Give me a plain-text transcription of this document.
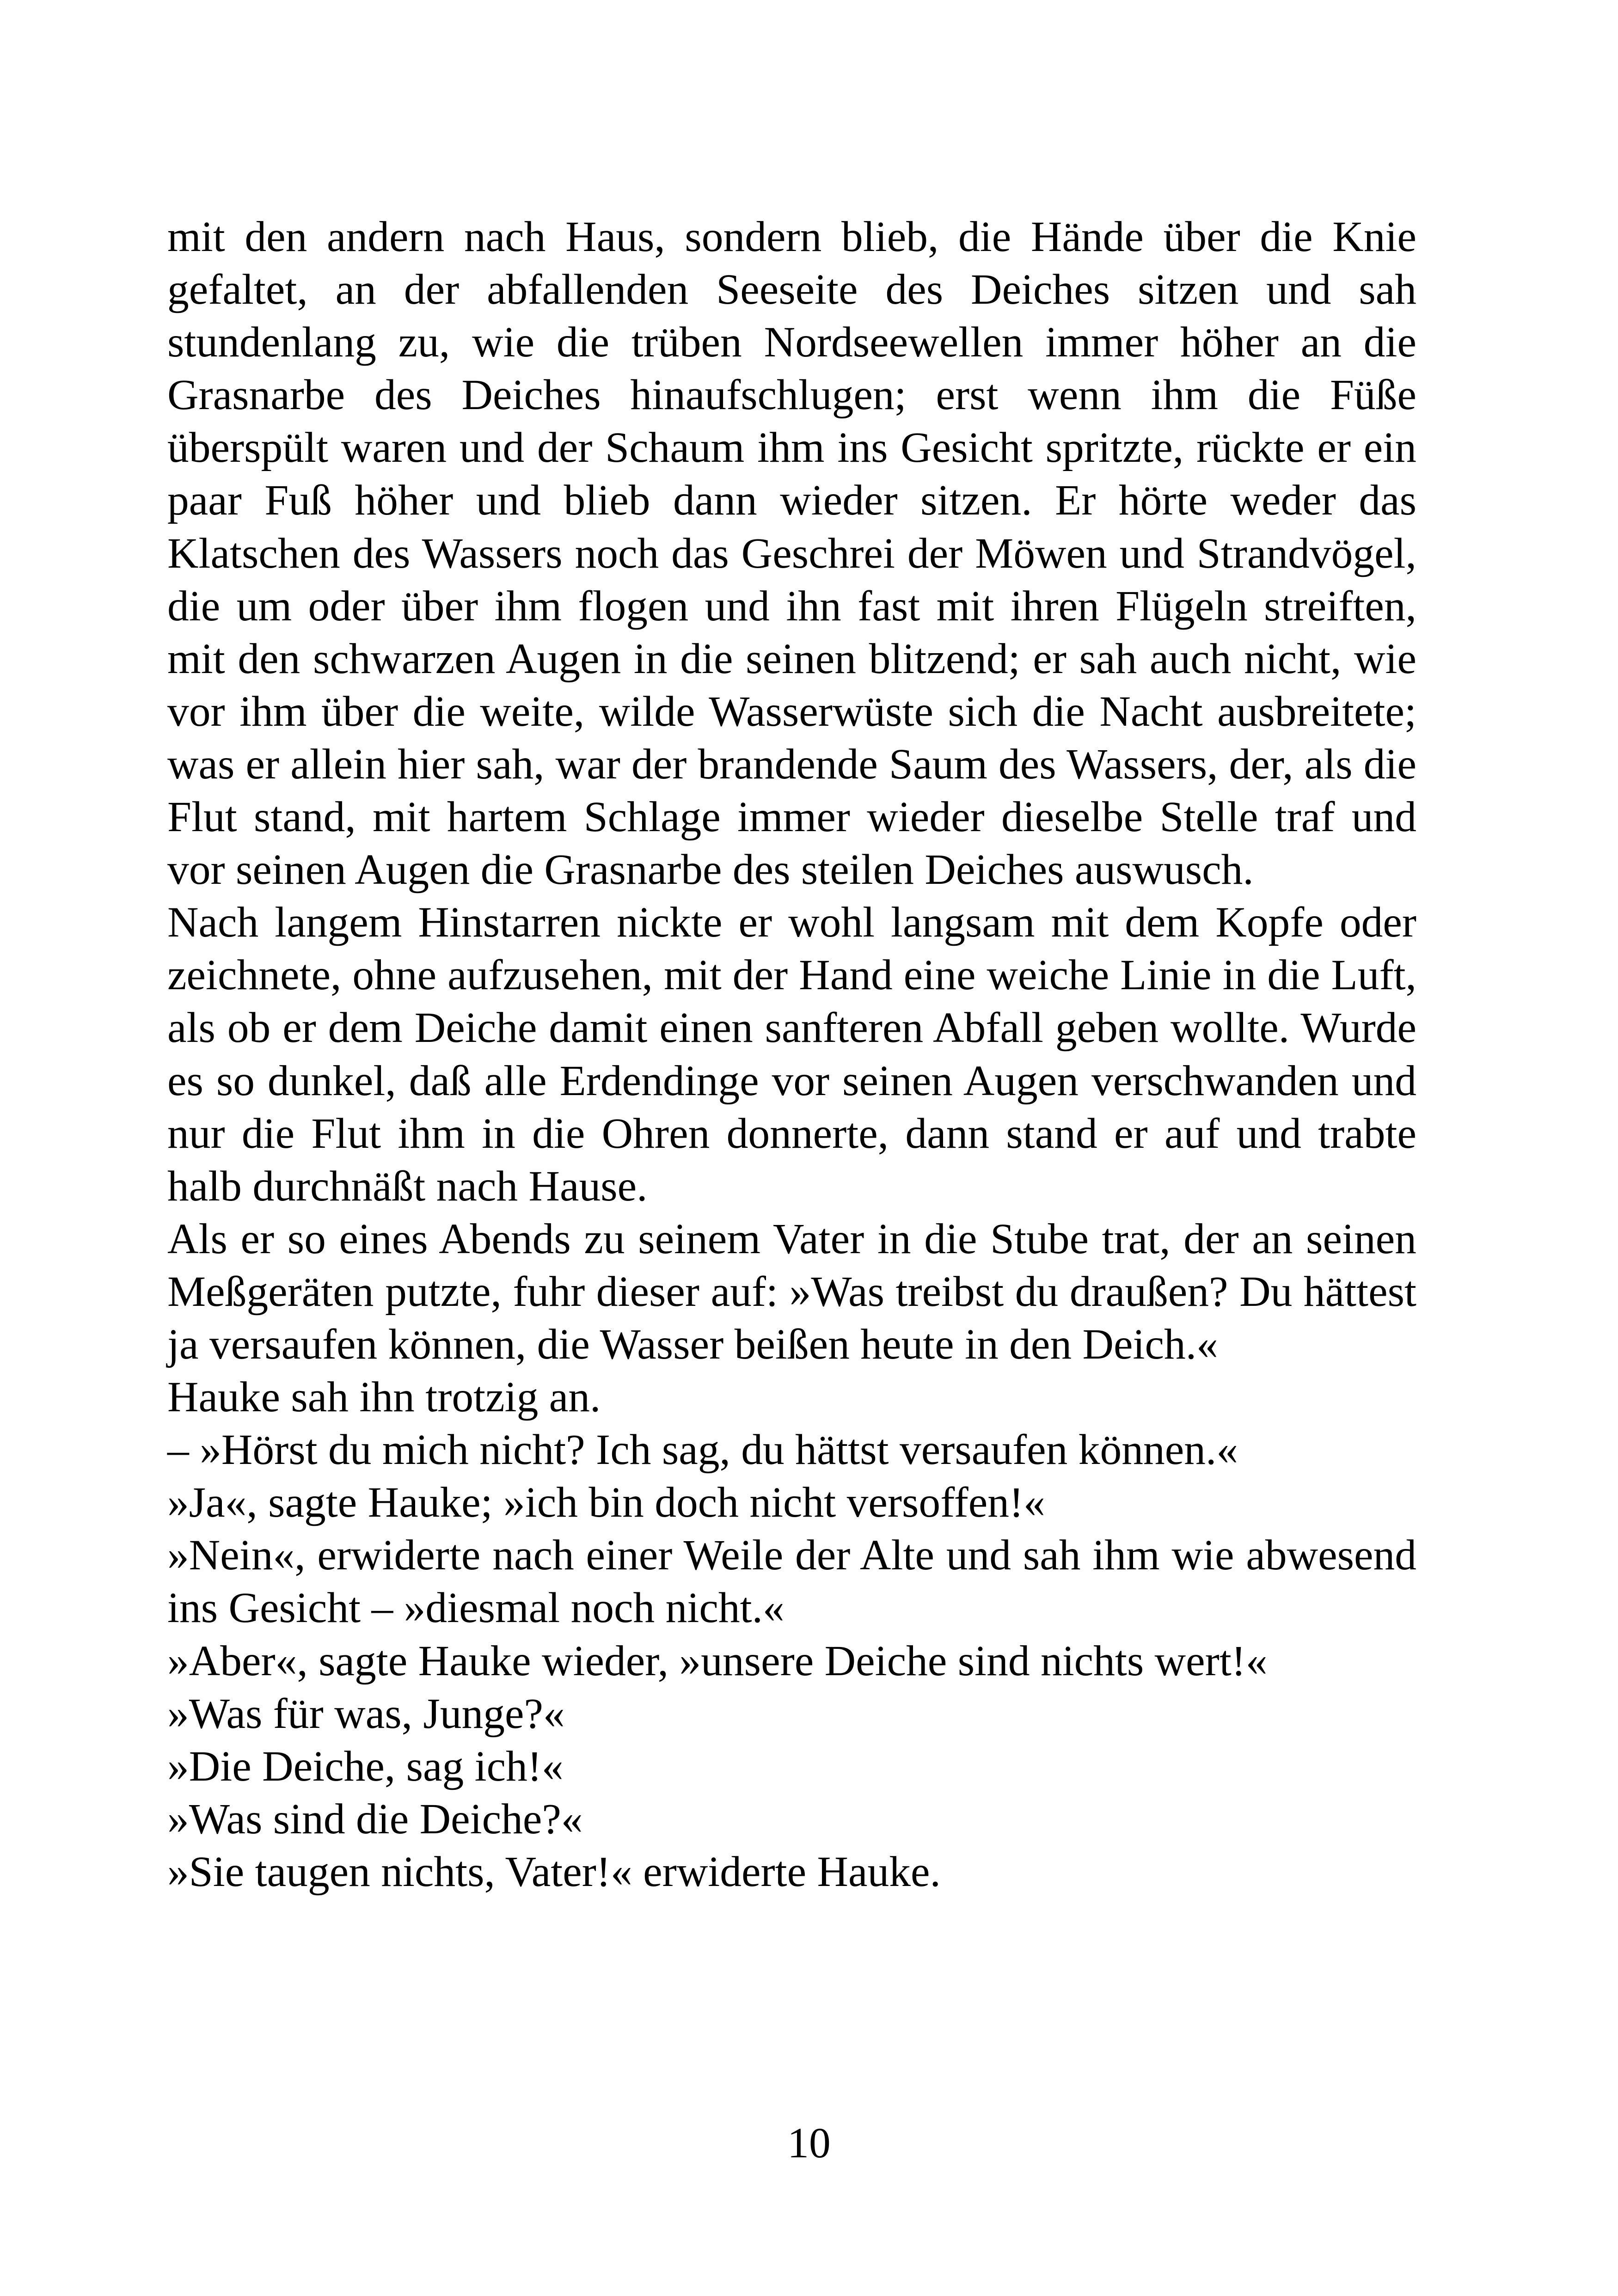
mit den andern nach Haus, sondern blieb, die Hände über die Knie gefaltet, an der abfallenden Seeseite des Deiches sitzen und sah stundenlang zu, wie die trüben Nordseewellen immer höher an die Grasnarbe des Deiches hinaufschlugen; erst wenn ihm die Füße überspült waren und der Schaum ihm ins Gesicht spritzte, rückte er ein paar Fuß höher und blieb dann wieder sitzen. Er hörte weder das Klatschen des Wassers noch das Geschrei der Möwen und Strandvögel, die um oder über ihm flogen und ihn fast mit ihren Flügeln streiften, mit den schwarzen Augen in die seinen blitzend; er sah auch nicht, wie vor ihm über die weite, wilde Wasserwüste sich die Nacht ausbreitete; was er allein hier sah, war der brandende Saum des Wassers, der, als die Flut stand, mit hartem Schlage immer wieder dieselbe Stelle traf und vor seinen Augen die Grasnarbe des steilen Deiches auswusch.

Nach langem Hinstarren nickte er wohl langsam mit dem Kopfe oder zeichnete, ohne aufzusehen, mit der Hand eine weiche Linie in die Luft, als ob er dem Deiche damit einen sanfteren Abfall geben wollte. Wurde es so dunkel, daß alle Erdendinge vor seinen Augen verschwanden und nur die Flut ihm in die Ohren donnerte, dann stand er auf und trabte halb durchnäßt nach Hause.

Als er so eines Abends zu seinem Vater in die Stube trat, der an seinen Meßgeräten putzte, fuhr dieser auf: »Was treibst du draußen? Du hättest ja versaufen können, die Wasser beißen heute in den Deich.«

Hauke sah ihn trotzig an.

– »Hörst du mich nicht? Ich sag, du hättst versaufen können.«

»Ja«, sagte Hauke; »ich bin doch nicht versoffen!«

»Nein«, erwiderte nach einer Weile der Alte und sah ihm wie abwesend ins Gesicht – »diesmal noch nicht.«

»Aber«, sagte Hauke wieder, »unsere Deiche sind nichts wert!«

»Was für was, Junge?«

»Die Deiche, sag ich!«

»Was sind die Deiche?«

»Sie taugen nichts, Vater!« erwiderte Hauke.

10
